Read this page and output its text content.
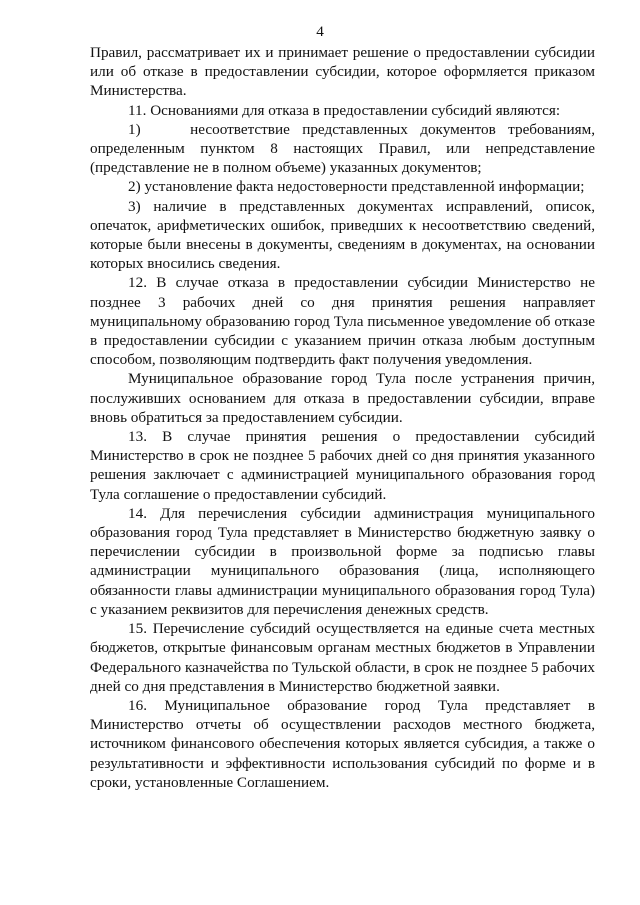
4

Правил, рассматривает их и принимает решение о предоставлении субсидии или об отказе в предоставлении субсидии, которое оформляется приказом Министерства.

11. Основаниями для отказа в предоставлении субсидий являются:

1)    несоответствие представленных документов требованиям, определенным пунктом 8 настоящих Правил, или непредставление (представление не в полном объеме) указанных документов;

2) установление факта недостоверности представленной информации;

3) наличие в представленных документах исправлений, описок, опечаток, арифметических ошибок, приведших к несоответствию сведений, которые были внесены в документы, сведениям в документах, на основании которых вносились сведения.

12. В случае отказа в предоставлении субсидии Министерство не позднее 3 рабочих дней со дня принятия решения направляет муниципальному образованию город Тула письменное уведомление об отказе в предоставлении субсидии с указанием причин отказа любым доступным способом, позволяющим подтвердить факт получения уведомления.

Муниципальное образование город Тула после устранения причин, послуживших основанием для отказа в предоставлении субсидии, вправе вновь обратиться за предоставлением субсидии.

13. В случае принятия решения о предоставлении субсидий Министерство в срок не позднее 5 рабочих дней со дня принятия указанного решения заключает с администрацией муниципального образования город Тула соглашение о предоставлении субсидий.

14. Для перечисления субсидии администрация муниципального образования город Тула представляет в Министерство бюджетную заявку о перечислении субсидии в произвольной форме за подписью главы администрации муниципального образования (лица, исполняющего обязанности главы администрации муниципального образования город Тула) с указанием реквизитов для перечисления денежных средств.

15. Перечисление субсидий осуществляется на единые счета местных бюджетов, открытые финансовым органам местных бюджетов в Управлении Федерального казначейства по Тульской области, в срок не позднее 5 рабочих дней со дня представления в Министерство бюджетной заявки.

16. Муниципальное образование город Тула представляет в Министерство отчеты об осуществлении расходов местного бюджета, источником финансового обеспечения которых является субсидия, а также о результативности и эффективности использования субсидий по форме и в сроки, установленные Соглашением.
